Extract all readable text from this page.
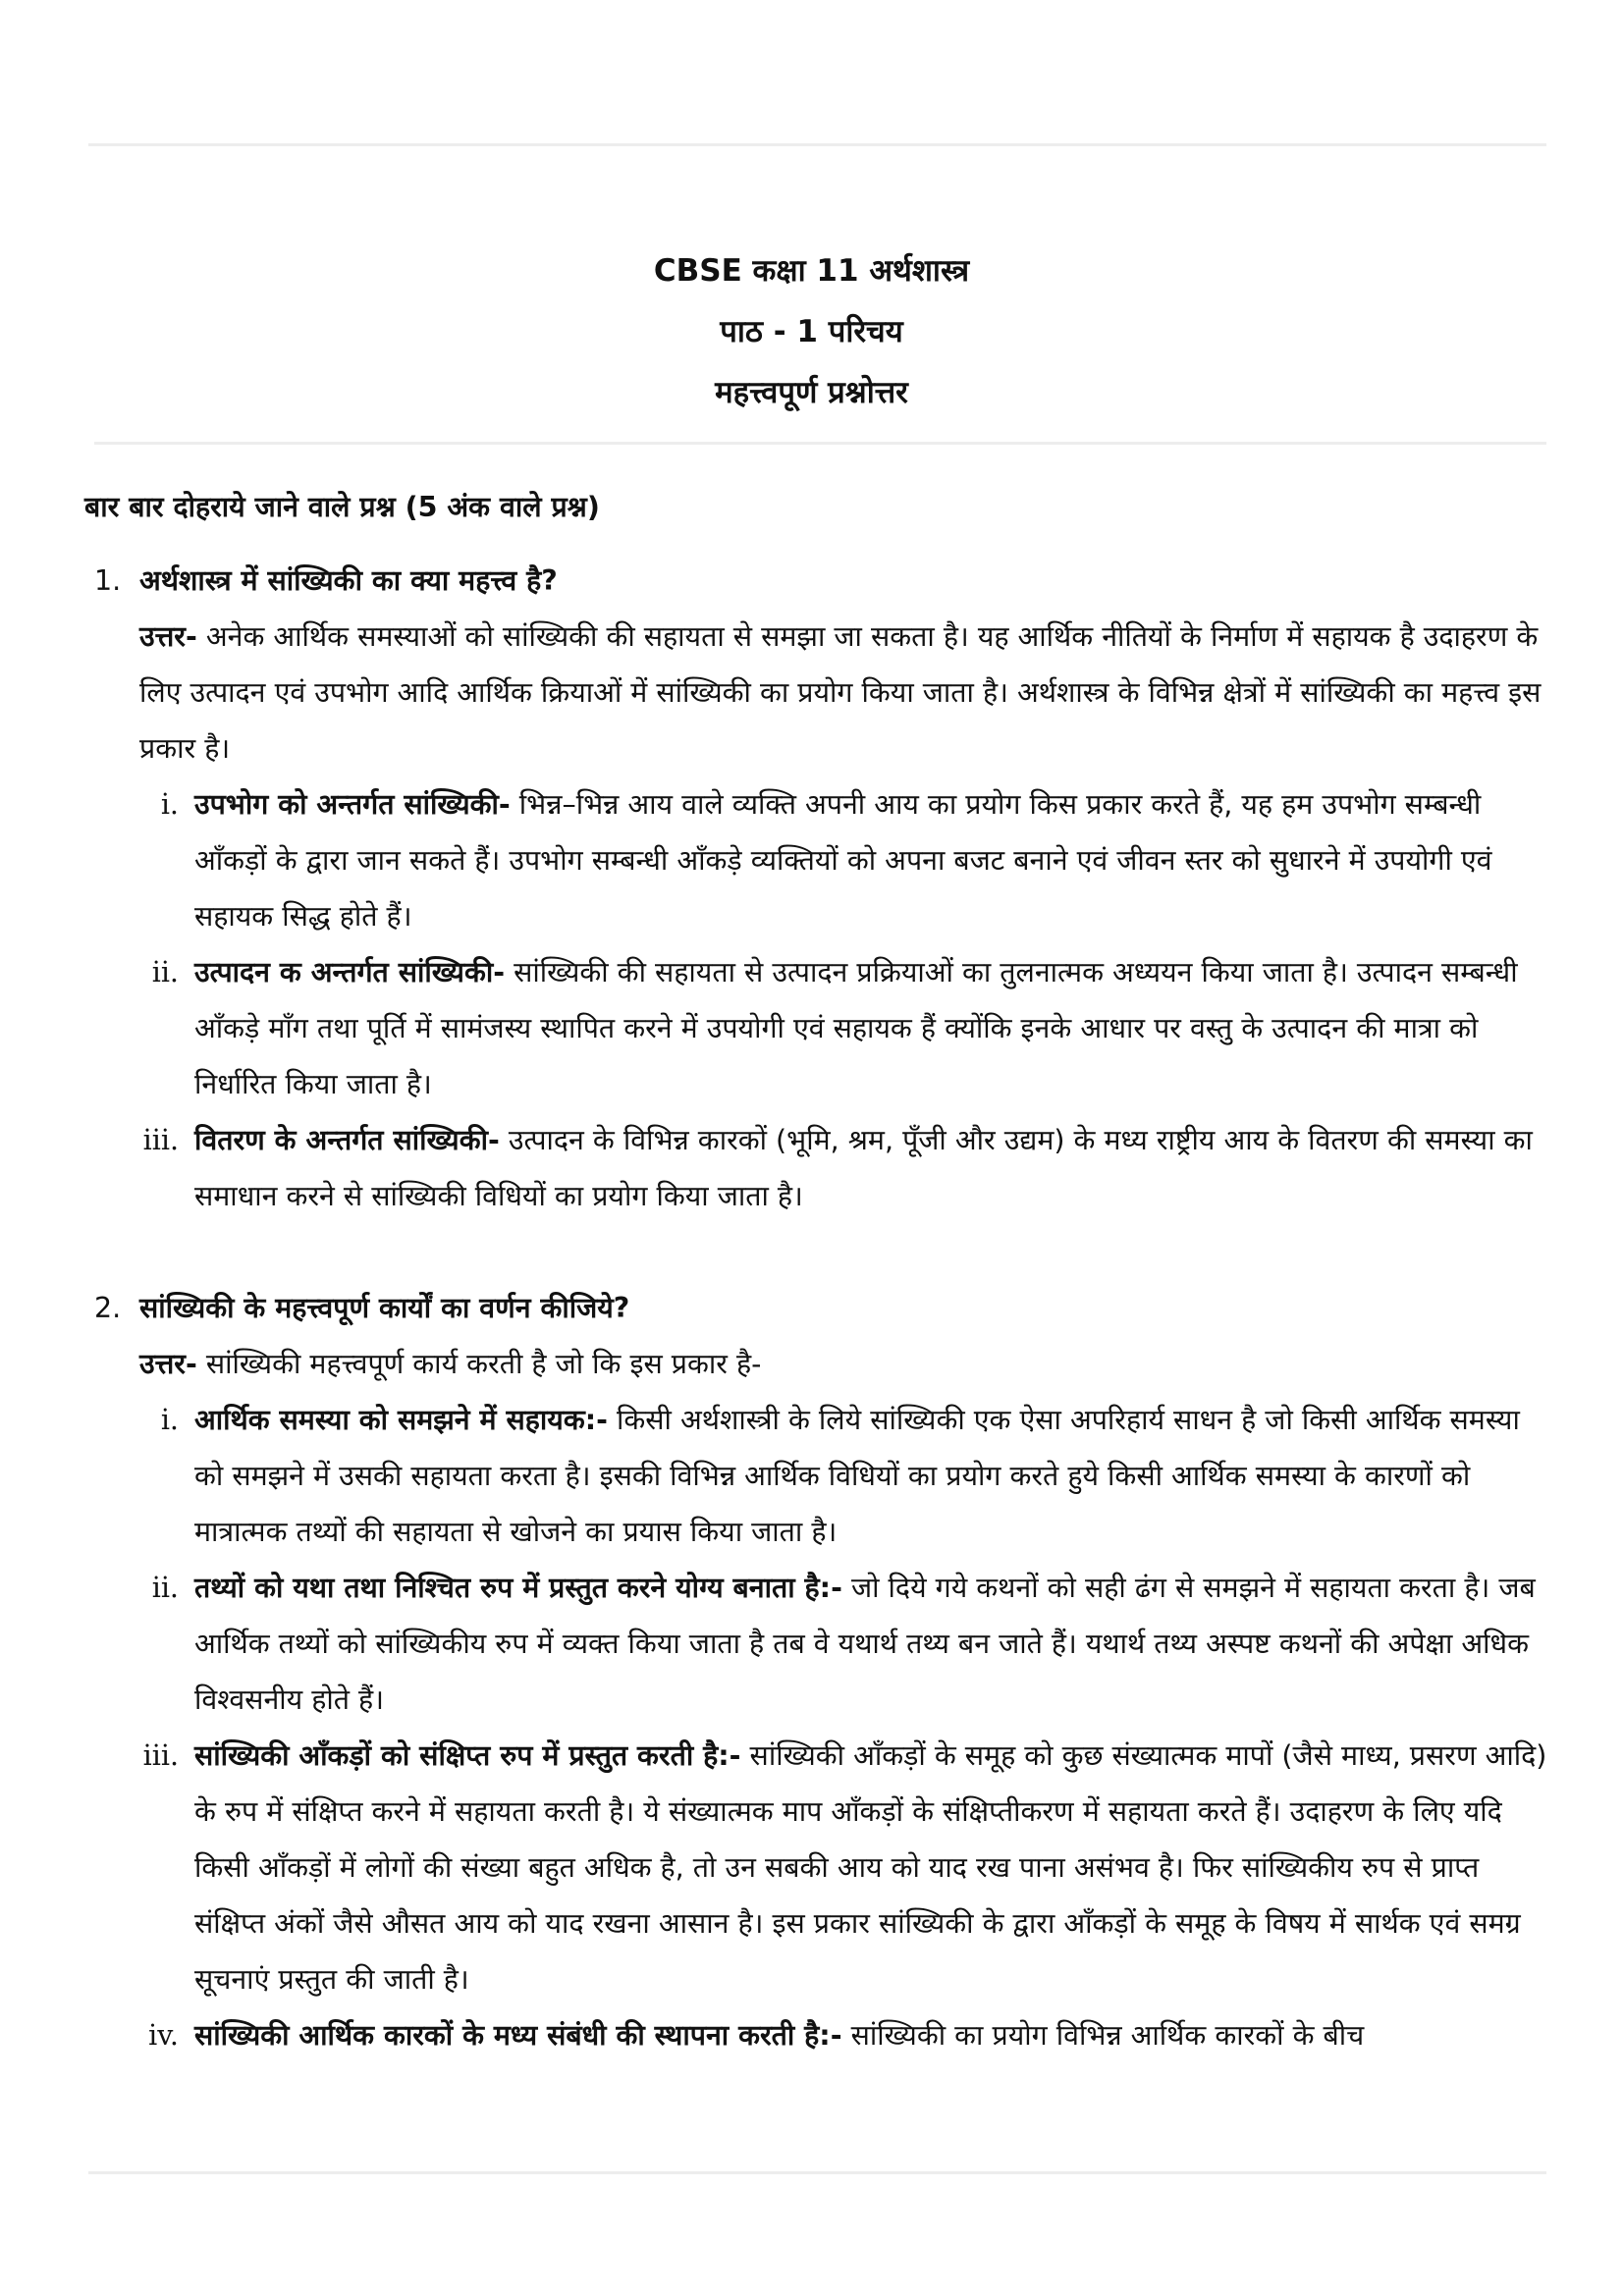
CBSE कक्षा 11 अर्थशास्त्र
पाठ - 1 परिचय
महत्त्वपूर्ण प्रश्नोत्तर
बार बार दोहराये जाने वाले प्रश्न (5 अंक वाले प्रश्न)
1. अर्थशास्त्र में सांख्यिकी का क्या महत्त्व है?
उत्तर- अनेक आर्थिक समस्याओं को सांख्यिकी की सहायता से समझा जा सकता है। यह आर्थिक नीतियों के निर्माण में सहायक है उदाहरण के लिए उत्पादन एवं उपभोग आदि आर्थिक क्रियाओं में सांख्यिकी का प्रयोग किया जाता है। अर्थशास्त्र के विभिन्न क्षेत्रों में सांख्यिकी का महत्त्व इस प्रकार है।
i. उपभोग को अन्तर्गत सांख्यिकी- भिन्न–भिन्न आय वाले व्यक्ति अपनी आय का प्रयोग किस प्रकार करते हैं, यह हम उपभोग सम्बन्धी आँकड़ों के द्वारा जान सकते हैं। उपभोग सम्बन्धी आँकड़े व्यक्तियों को अपना बजट बनाने एवं जीवन स्तर को सुधारने में उपयोगी एवं सहायक सिद्ध होते हैं।
ii. उत्पादन क अन्तर्गत सांख्यिकी- सांख्यिकी की सहायता से उत्पादन प्रक्रियाओं का तुलनात्मक अध्ययन किया जाता है। उत्पादन सम्बन्धी आँकड़े माँग तथा पूर्ति में सामंजस्य स्थापित करने में उपयोगी एवं सहायक हैं क्योंकि इनके आधार पर वस्तु के उत्पादन की मात्रा को निर्धारित किया जाता है।
iii. वितरण के अन्तर्गत सांख्यिकी- उत्पादन के विभिन्न कारकों (भूमि, श्रम, पूँजी और उद्यम) के मध्य राष्ट्रीय आय के वितरण की समस्या का समाधान करने से सांख्यिकी विधियों का प्रयोग किया जाता है।
2. सांख्यिकी के महत्त्वपूर्ण कार्यों का वर्णन कीजिये?
उत्तर- सांख्यिकी महत्त्वपूर्ण कार्य करती है जो कि इस प्रकार है-
i. आर्थिक समस्या को समझने में सहायक:- किसी अर्थशास्त्री के लिये सांख्यिकी एक ऐसा अपरिहार्य साधन है जो किसी आर्थिक समस्या को समझने में उसकी सहायता करता है। इसकी विभिन्न आर्थिक विधियों का प्रयोग करते हुये किसी आर्थिक समस्या के कारणों को मात्रात्मक तथ्यों की सहायता से खोजने का प्रयास किया जाता है।
ii. तथ्यों को यथा तथा निश्चित रुप में प्रस्तुत करने योग्य बनाता है:- जो दिये गये कथनों को सही ढंग से समझने में सहायता करता है। जब आर्थिक तथ्यों को सांख्यिकीय रुप में व्यक्त किया जाता है तब वे यथार्थ तथ्य बन जाते हैं। यथार्थ तथ्य अस्पष्ट कथनों की अपेक्षा अधिक विश्वसनीय होते हैं।
iii. सांख्यिकी आँकड़ों को संक्षिप्त रुप में प्रस्तुत करती है:- सांख्यिकी आँकड़ों के समूह को कुछ संख्यात्मक मापों (जैसे माध्य, प्रसरण आदि) के रुप में संक्षिप्त करने में सहायता करती है। ये संख्यात्मक माप आँकड़ों के संक्षिप्तीकरण में सहायता करते हैं। उदाहरण के लिए यदि किसी आँकड़ों में लोगों की संख्या बहुत अधिक है, तो उन सबकी आय को याद रख पाना असंभव है। फिर सांख्यिकीय रुप से प्राप्त संक्षिप्त अंकों जैसे औसत आय को याद रखना आसान है। इस प्रकार सांख्यिकी के द्वारा आँकड़ों के समूह के विषय में सार्थक एवं समग्र सूचनाएं प्रस्तुत की जाती है।
iv. सांख्यिकी आर्थिक कारकों के मध्य संबंधी की स्थापना करती है:- सांख्यिकी का प्रयोग विभिन्न आर्थिक कारकों के बीच
